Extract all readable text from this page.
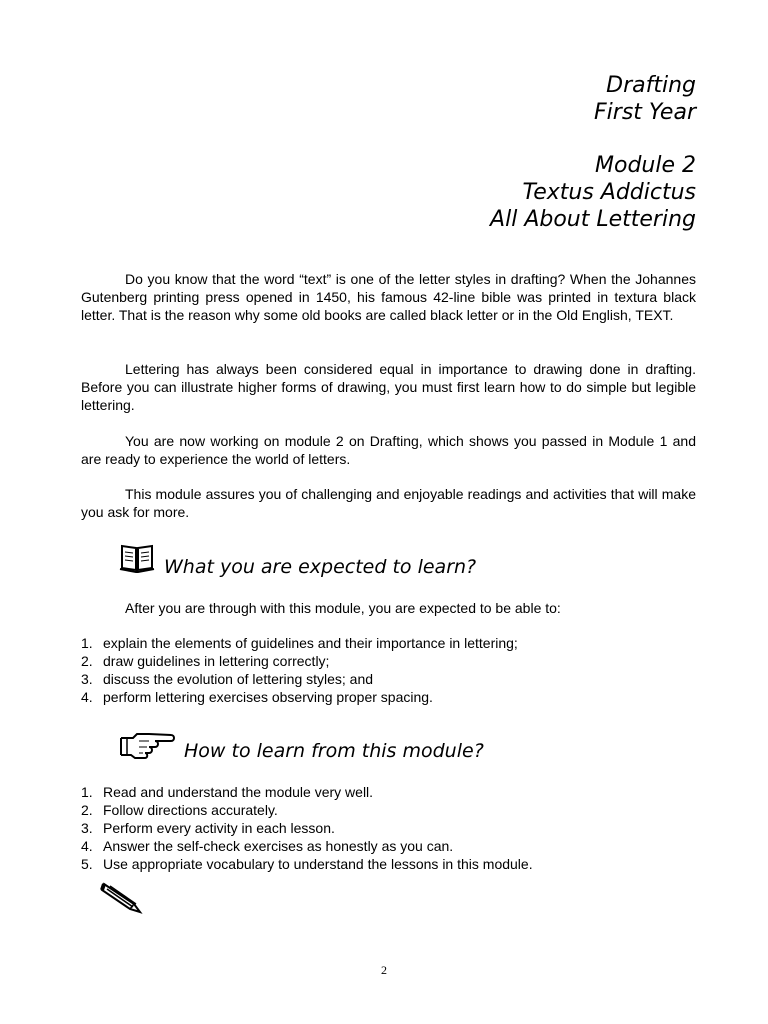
Drafting
First Year
Module 2
Textus Addictus
All About Lettering

Do you know that the word “text” is one of the letter styles in drafting? When the Johannes Gutenberg printing press opened in 1450, his famous 42-line bible was printed in textura black letter. That is the reason why some old books are called black letter or in the Old English, TEXT.

Lettering has always been considered equal in importance to drawing done in drafting. Before you can illustrate higher forms of drawing, you must first learn how to do simple but legible lettering.

You are now working on module 2 on Drafting, which shows you passed in Module 1 and are ready to experience the world of letters.

This module assures you of challenging and enjoyable readings and activities that will make you ask for more.

What you are expected to learn?

After you are through with this module, you are expected to be able to:

1. explain the elements of guidelines and their importance in lettering;
2. draw guidelines in lettering correctly;
3. discuss the evolution of lettering styles; and
4. perform lettering exercises observing proper spacing.
How to learn from this module?
1. Read and understand the module very well.
2. Follow directions accurately.
3. Perform every activity in each lesson.
4. Answer the self-check exercises as honestly as you can.
5. Use appropriate vocabulary to understand the lessons in this module.
2
